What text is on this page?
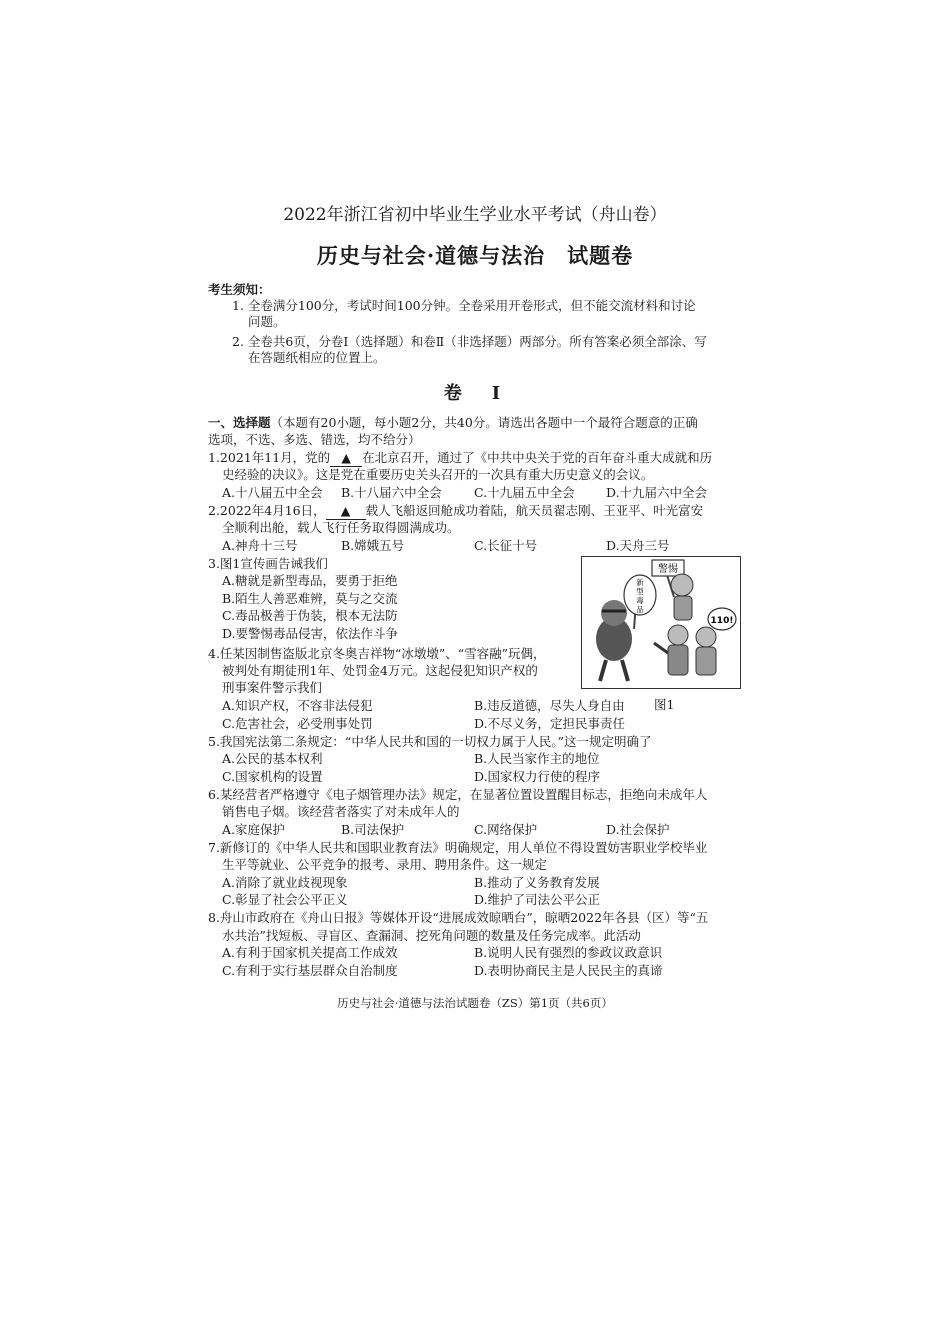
2022年浙江省初中毕业生学业水平考试（舟山卷）
历史与社会·道德与法治　试题卷
考生须知：
1. 全卷满分100分，考试时间100分钟。全卷采用开卷形式，但不能交流材料和讨论
问题。
2. 全卷共6页，分卷Ⅰ（选择题）和卷Ⅱ（非选择题）两部分。所有答案必须全部涂、写
在答题纸相应的位置上。
卷　Ⅰ
一、选择题（本题有20小题，每小题2分，共40分。请选出各题中一个最符合题意的正确
选项，不选、多选、错选，均不给分）
1.2021年11月，党的 ▲ 在北京召开，通过了《中共中央关于党的百年奋斗重大成就和历
史经验的决议》。这是党在重要历史关头召开的一次具有重大历史意义的会议。
A.十八届五中全会 B.十八届六中全会	C.十九届五中全会	D.十九届六中全会
2.2022年4月16日， ▲ 载人飞船返回舱成功着陆，航天员翟志刚、王亚平、叶光富安
全顺利出舱，载人飞行任务取得圆满成功。
A.神舟十三号	B.嫦娥五号	C.长征十号	D.天舟三号
3.图1宣传画告诫我们
A.糖就是新型毒品，要勇于拒绝
B.陌生人善恶难辨，莫与之交流
C.毒品极善于伪装，根本无法防
D.要警惕毒品侵害，依法作斗争
新
型
毒
品
警惕
110!
图1
4.任某因制售盗版北京冬奥吉祥物“冰墩墩”、“雪容融”玩偶，
被判处有期徒刑1年、处罚金4万元。这起侵犯知识产权的
刑事案件警示我们
A.知识产权，不容非法侵犯	B.违反道德，尽失人身自由
C.危害社会，必受刑事处罚	D.不尽义务，定担民事责任
5.我国宪法第二条规定：“中华人民共和国的一切权力属于人民。”这一规定明确了
A.公民的基本权利	B.人民当家作主的地位
C.国家机构的设置	D.国家权力行使的程序
6.某经营者严格遵守《电子烟管理办法》规定，在显著位置设置醒目标志，拒绝向未成年人
销售电子烟。该经营者落实了对未成年人的
A.家庭保护	B.司法保护	C.网络保护	D.社会保护
7.新修订的《中华人民共和国职业教育法》明确规定，用人单位不得设置妨害职业学校毕业
生平等就业、公平竞争的报考、录用、聘用条件。这一规定
A.消除了就业歧视现象	B.推动了义务教育发展
C.彰显了社会公平正义	D.维护了司法公平公正
8.舟山市政府在《舟山日报》等媒体开设“进展成效晾晒台”，晾晒2022年各县（区）等“五
水共治”找短板、寻盲区、查漏洞、挖死角问题的数量及任务完成率。此活动
A.有利于国家机关提高工作成效	B.说明人民有强烈的参政议政意识
C.有利于实行基层群众自治制度	D.表明协商民主是人民民主的真谛
历史与社会·道德与法治试题卷（ZS）第1页（共6页）
